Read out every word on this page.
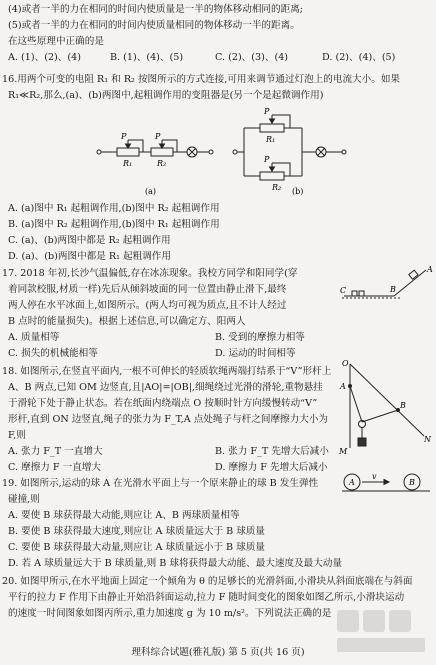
(4)或者一半的力在相同的时间内使质量是一半的物体移动相同的距离;
(5)或者一半的力在相同的时间内使质量相同的物体移动一半的距离。
在这些原理中正确的是
A. (1)、(2)、(4)	B. (1)、(4)、(5)	C. (2)、(3)、(4)	D. (2)、(4)、(5)
16.用两个可变的电阻 R₁ 和 R₂ 按图所示的方式连接,可用来调节通过灯泡上的电流大小。如果
R₁≪R₂,那么,(a)、(b)两图中,起粗调作用的变阻器是(另一个是起微调作用)
P
R₁
P
R₂
(a)
P
R₁
P
R₂ (b)
A. (a)图中 R₁ 起粗调作用,(b)图中 R₂ 起粗调作用
B. (a)图中 R₂ 起粗调作用,(b)图中 R₁ 起粗调作用
C. (a)、(b)两图中都是 R₂ 起粗调作用
D. (a)、(b)两图中都是 R₁ 起粗调作用
17. 2018 年初,长沙气温偏低,存在冰冻现象。我校方同学和阳同学(穿
着同款校服,材质一样)先后从倾斜坡面的同一位置由静止滑下,最终
两人停在水平冰面上,如图所示。(两人均可视为质点,且不计人经过
B 点时的能量损失)。根据上述信息,可以确定方、阳两人
A
C	B
A. 质量相等	B. 受到的摩擦力相等
C. 损失的机械能相等	D. 运动的时间相等
18. 如图所示,在竖直平面内,一根不可伸长的轻质软绳两端打结系于“V”形杆上
A、B 两点,已知 OM 边竖直,且|AO|=|OB|,细绳绕过光滑的滑轮,重物悬挂
于滑轮下处于静止状态。若在纸面内绕端点 O 按顺时针方向缓慢转动“V”
形杆,直到 ON 边竖直,绳子的张力为 F_T,A 点处绳子与杆之间摩擦力大小为
F,则
O
A
B
N
M
A. 张力 F_T 一直增大	B. 张力 F_T 先增大后减小
C. 摩擦力 F 一直增大	D. 摩擦力 F 先增大后减小
19. 如图所示,运动的球 A 在光滑水平面上与一个原来静止的球 B 发生弹性
碰撞,则
A
v
B
A. 要使 B 球获得最大动能,则应让 A、B 两球质量相等
B. 要使 B 球获得最大速度,则应让 A 球质量远大于 B 球质量
C. 要使 B 球获得最大动量,则应让 A 球质量远小于 B 球质量
D. 若 A 球质量远大于 B 球质量,则 B 球将获得最大动能、最大速度及最大动量
20. 如图甲所示,在水平地面上固定一个倾角为 θ 的足够长的光滑斜面,小滑块从斜面底端在与斜面
平行的拉力 F 作用下由静止开始沿斜面运动,拉力 F 随时间变化的图象如图乙所示,小滑块运动
的速度一时间图象如图丙所示,重力加速度 g 为 10 m/s²。下列说法正确的是
理科综合试题(雅礼版) 第 5 页(共 16 页)
